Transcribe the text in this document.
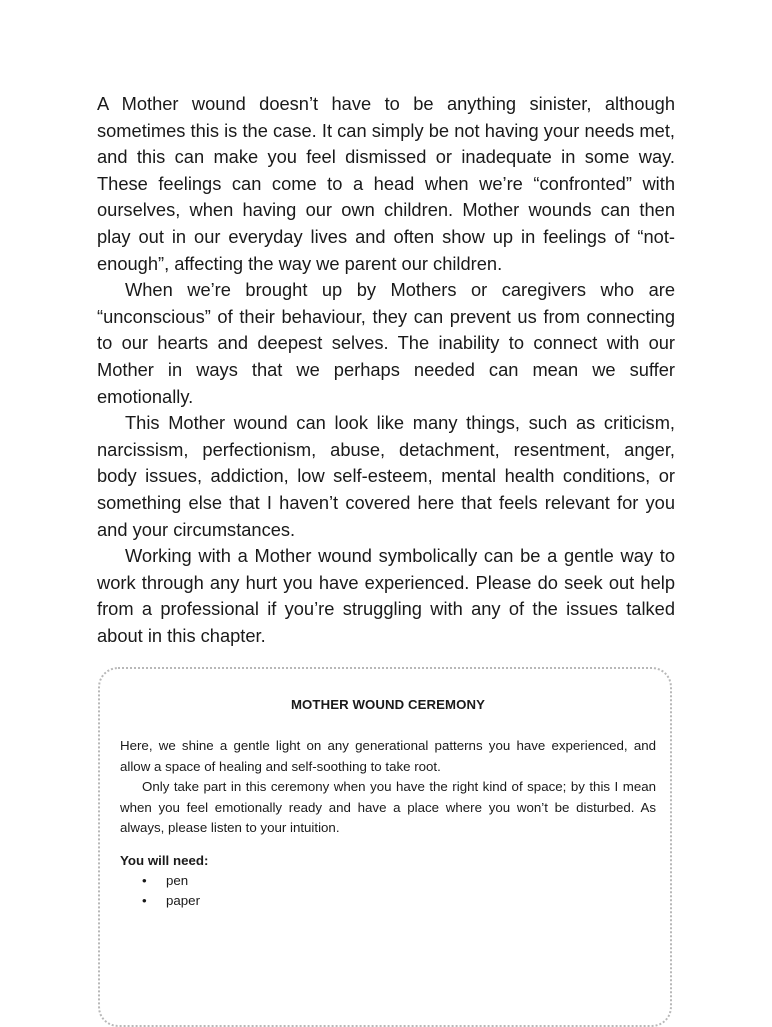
A Mother wound doesn’t have to be anything sinister, although sometimes this is the case. It can simply be not having your needs met, and this can make you feel dismissed or inadequate in some way. These feelings can come to a head when we’re “confronted” with ourselves, when having our own children. Mother wounds can then play out in our everyday lives and often show up in feelings of “not-enough”, affecting the way we parent our children.

When we’re brought up by Mothers or caregivers who are “unconscious” of their behaviour, they can prevent us from connecting to our hearts and deepest selves. The inability to connect with our Mother in ways that we perhaps needed can mean we suffer emotionally.

This Mother wound can look like many things, such as criticism, narcissism, perfectionism, abuse, detachment, resentment, anger, body issues, addiction, low self-esteem, mental health conditions, or something else that I haven’t covered here that feels relevant for you and your circumstances.

Working with a Mother wound symbolically can be a gentle way to work through any hurt you have experienced. Please do seek out help from a professional if you’re struggling with any of the issues talked about in this chapter.

MOTHER WOUND CEREMONY

Here, we shine a gentle light on any generational patterns you have experienced, and allow a space of healing and self-soothing to take root.

Only take part in this ceremony when you have the right kind of space; by this I mean when you feel emotionally ready and have a place where you won’t be disturbed. As always, please listen to your intuition.

You will need:
• pen
• paper
